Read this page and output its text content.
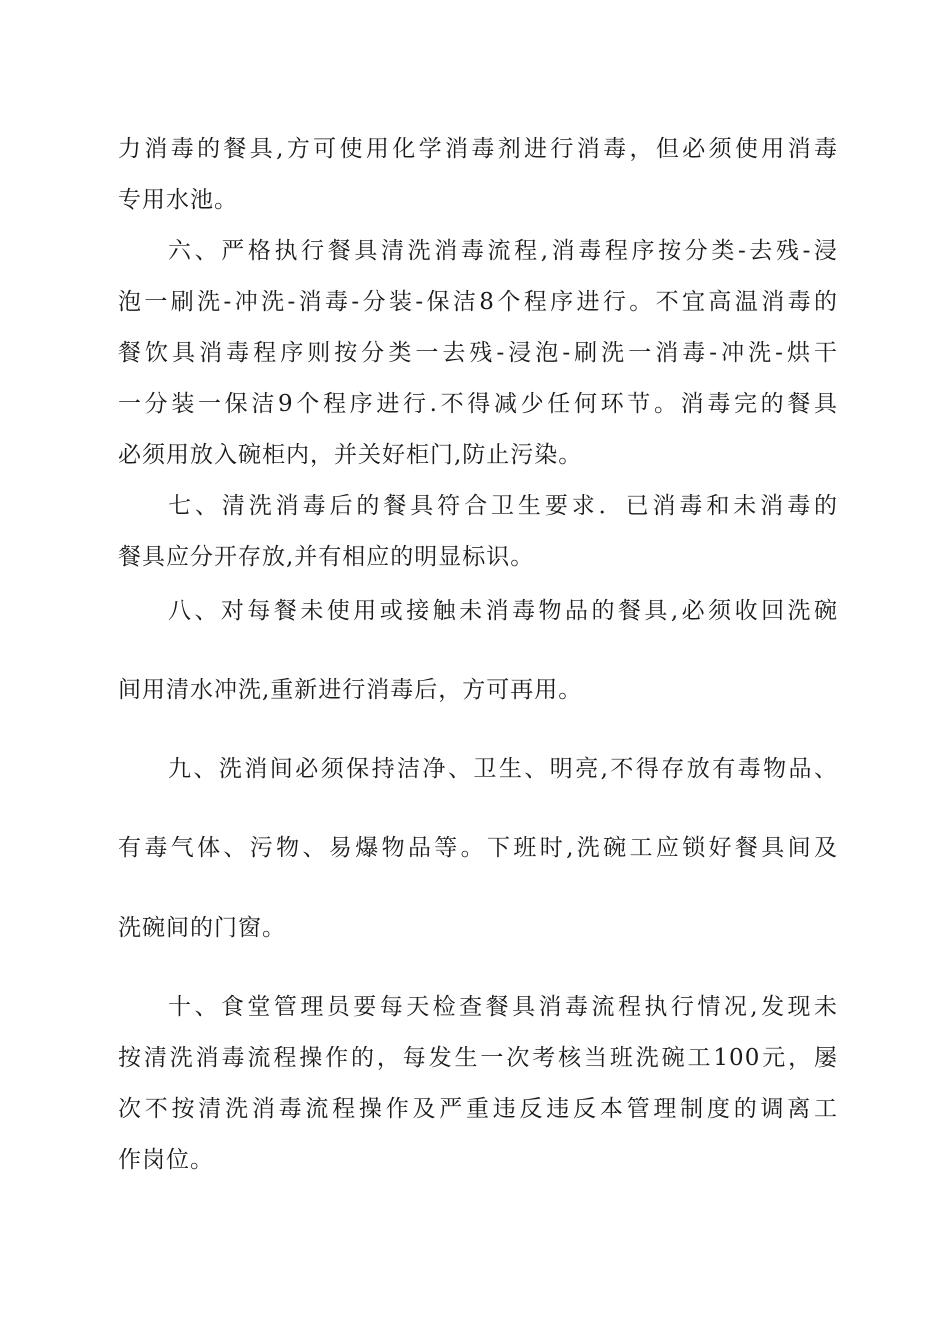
力消毒的餐具,方可使用化学消毒剂进行消毒，但必须使用消毒
专用水池。
六、严格执行餐具清洗消毒流程,消毒程序按分类-去残-浸
泡一刷洗-冲洗-消毒-分装-保洁8个程序进行。不宜高温消毒的
餐饮具消毒程序则按分类一去残-浸泡-刷洗一消毒-冲洗-烘干
一分装一保洁9个程序进行.不得减少任何环节。消毒完的餐具
必须用放入碗柜内，并关好柜门,防止污染。
七、清洗消毒后的餐具符合卫生要求．已消毒和未消毒的
餐具应分开存放,并有相应的明显标识。
八、对每餐未使用或接触未消毒物品的餐具,必须收回洗碗
间用清水冲洗,重新进行消毒后，方可再用。
九、洗消间必须保持洁净、卫生、明亮,不得存放有毒物品、
有毒气体、污物、易爆物品等。下班时,洗碗工应锁好餐具间及
洗碗间的门窗。
十、食堂管理员要每天检查餐具消毒流程执行情况,发现未
按清洗消毒流程操作的，每发生一次考核当班洗碗工100元，屡
次不按清洗消毒流程操作及严重违反违反本管理制度的调离工
作岗位。
